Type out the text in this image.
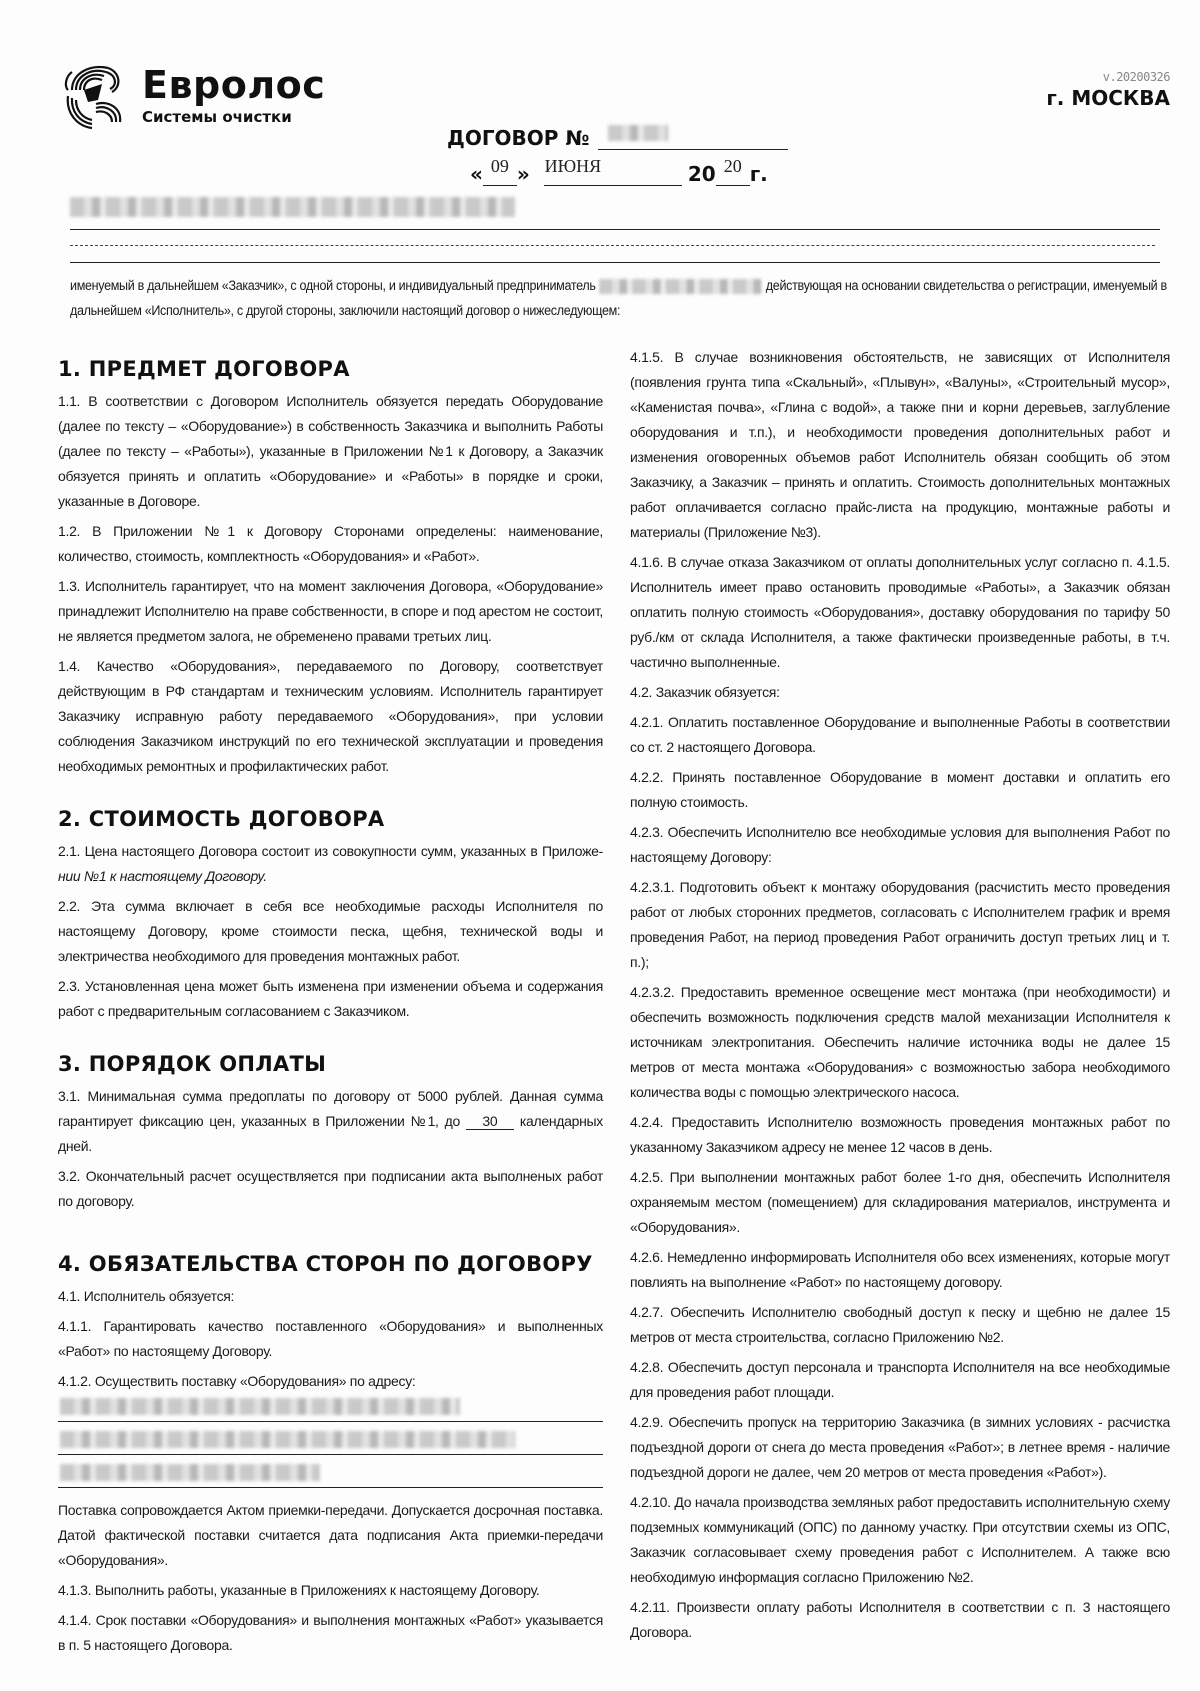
Евролос
Системы очистки
v.20200326
г. МОСКВА
ДОГОВОР №
« 09 » ИЮНЯ	20 20 г.
именуемый в дальнейшем «Заказчик», с одной стороны, и индивидуальный предприниматель	действующая на основании свидетельства о регистрации, именуемый в дальнейшем «Исполнитель», с другой стороны, заключили настоящий договор о нижеследующем:
1. ПРЕДМЕТ ДОГОВОРА

1.1. В соответствии с Договором Исполнитель обязуется передать Оборудование (далее по тексту – «Оборудование») в собственность Заказчика и выполнить Работы (далее по тексту – «Работы»), указанные в Приложении №1 к Договору, а Заказчик обязуется принять и оплатить «Оборудование» и «Работы» в порядке и сроки, указанные в Договоре.

1.2. В Приложении №1 к Договору Сторонами определены: наименование, количество, стоимость, комплектность «Оборудования» и «Работ».

1.3. Исполнитель гарантирует, что на момент заключения Договора, «Оборудование» принадлежит Исполнителю на праве собственности, в споре и под арестом не состоит, не является предметом залога, не обременено правами третьих лиц.

1.4. Качество «Оборудования», передаваемого по Договору, соответствует действующим в РФ стандартам и техническим условиям. Исполнитель гарантирует Заказчику исправную работу передаваемого «Оборудования», при условии соблюдения Заказчиком инструкций по его технической эксплуатации и проведения необходимых ремонтных и профилактических работ.

2. СТОИМОСТЬ ДОГОВОРА

2.1. Цена настоящего Договора состоит из совокупности сумм, указанных в Приложе- нии №1 к настоящему Договору.

2.2. Эта сумма включает в себя все необходимые расходы Исполнителя по настоящему Договору, кроме стоимости песка, щебня, технической воды и электричества необходимого для проведения монтажных работ.

2.3. Установленная цена может быть изменена при изменении объема и содержания работ с предварительным согласованием с Заказчиком.

3. ПОРЯДОК ОПЛАТЫ

3.1. Минимальная сумма предоплаты по договору от 5000 рублей. Данная сумма гарантирует фиксацию цен, указанных в Приложении №1, до 30 календарных дней.

3.2. Окончательный расчет осуществляется при подписании акта выполненых работ по договору.

4. ОБЯЗАТЕЛЬСТВА СТОРОН ПО ДОГОВОРУ

4.1. Исполнитель обязуется:

4.1.1. Гарантировать качество поставленного «Оборудования» и выполненных «Работ» по настоящему Договору.

4.1.2. Осуществить поставку «Оборудования» по адресу:

Поставка сопровождается Актом приемки-передачи. Допускается досрочная поставка. Датой фактической поставки считается дата подписания Акта приемки-передачи «Оборудования».

4.1.3. Выполнить работы, указанные в Приложениях к настоящему Договору.

4.1.4. Срок поставки «Оборудования» и выполнения монтажных «Работ» указывается в п. 5 настоящего Договора.

4.1.5. В случае возникновения обстоятельств, не зависящих от Исполнителя (появления грунта типа «Скальный», «Плывун», «Валуны», «Строительный мусор», «Каменистая почва», «Глина с водой», а также пни и корни деревьев, заглубление оборудования и т.п.), и необходимости проведения дополнительных работ и изменения оговоренных объемов работ Исполнитель обязан сообщить об этом Заказчику, а Заказчик – принять и оплатить. Стоимость дополнительных монтажных работ оплачивается согласно прайс-листа на продукцию, монтажные работы и материалы (Приложение №3).

4.1.6. В случае отказа Заказчиком от оплаты дополнительных услуг согласно п. 4.1.5. Исполнитель имеет право остановить проводимые «Работы», а Заказчик обязан оплатить полную стоимость «Оборудования», доставку оборудования по тарифу 50 руб./км от склада Исполнителя, а также фактически произведенные работы, в т.ч. частично выполненные.

4.2. Заказчик обязуется:

4.2.1. Оплатить поставленное Оборудование и выполненные Работы в соответствии со ст. 2 настоящего Договора.

4.2.2. Принять поставленное Оборудование в момент доставки и оплатить его полную стоимость.

4.2.3. Обеспечить Исполнителю все необходимые условия для выполнения Работ по настоящему Договору:

4.2.3.1. Подготовить объект к монтажу оборудования (расчистить место проведения работ от любых сторонних предметов, согласовать с Исполнителем график и время проведения Работ, на период проведения Работ ограничить доступ третьих лиц и т. п.);

4.2.3.2. Предоставить временное освещение мест монтажа (при необходимости) и обеспечить возможность подключения средств малой механизации Исполнителя к источникам электропитания. Обеспечить наличие источника воды не далее 15 метров от места монтажа «Оборудования» с возможностью забора необходимого количества воды с помощью электрического насоса.

4.2.4. Предоставить Исполнителю возможность проведения монтажных работ по указанному Заказчиком адресу не менее 12 часов в день.

4.2.5. При выполнении монтажных работ более 1-го дня, обеспечить Исполнителя охраняемым местом (помещением) для складирования материалов, инструмента и «Оборудования».

4.2.6. Немедленно информировать Исполнителя обо всех изменениях, которые могут повлиять на выполнение «Работ» по настоящему договору.

4.2.7. Обеспечить Исполнителю свободный доступ к песку и щебню не далее 15 метров от места строительства, согласно Приложению №2.

4.2.8. Обеспечить доступ персонала и транспорта Исполнителя на все необходимые для проведения работ площади.

4.2.9. Обеспечить пропуск на территорию Заказчика (в зимних условиях - расчистка подъездной дороги от снега до места проведения «Работ»; в летнее время - наличие подъездной дороги не далее, чем 20 метров от места проведения «Работ»).

4.2.10. До начала производства земляных работ предоставить исполнительную схему подземных коммуникаций (ОПС) по данному участку. При отсутствии схемы из ОПС, Заказчик согласовывает схему проведения работ с Исполнителем. А также всю необходимую информация согласно Приложению №2.

4.2.11. Произвести оплату работы Исполнителя в соответствии с п. 3 настоящего Договора.
